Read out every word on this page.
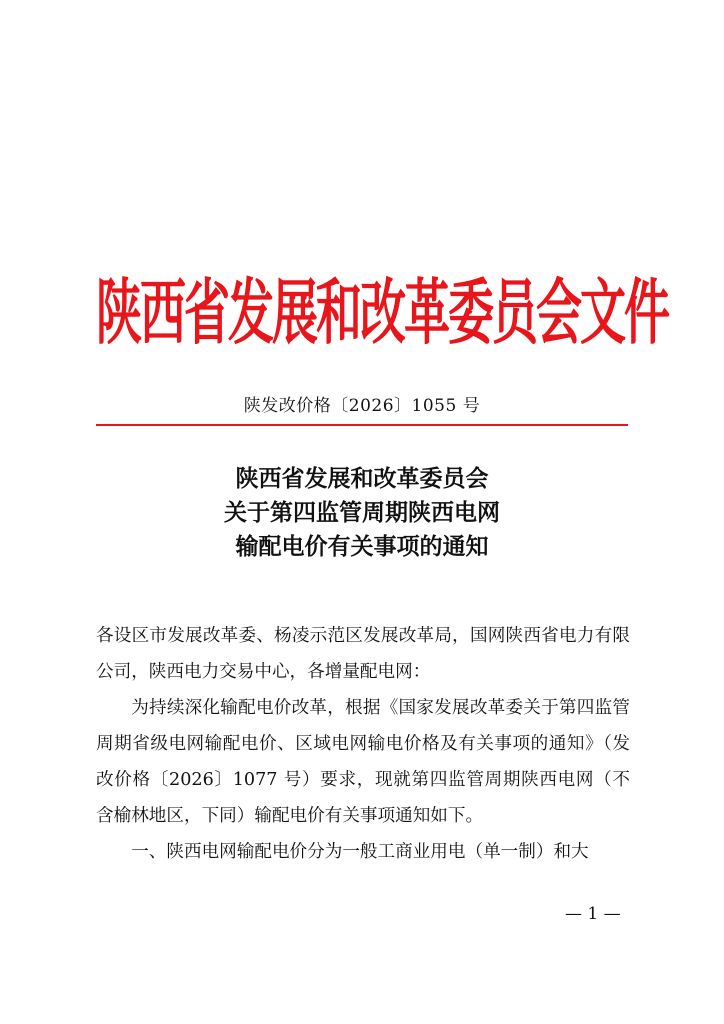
陕西省发展和改革委员会文件
陕发改价格〔2026〕1055 号
陕西省发展和改革委员会
关于第四监管周期陕西电网
输配电价有关事项的通知

各设区市发展改革委、杨凌示范区发展改革局，国网陕西省电力有限公司，陕西电力交易中心，各增量配电网：

为持续深化输配电价改革，根据《国家发展改革委关于第四监管周期省级电网输配电价、区域电网输电价格及有关事项的通知》（发改价格〔2026〕1077 号）要求，现就第四监管周期陕西电网（不含榆林地区，下同）输配电价有关事项通知如下。

一、陕西电网输配电价分为一般工商业用电（单一制）和大

— 1 —
